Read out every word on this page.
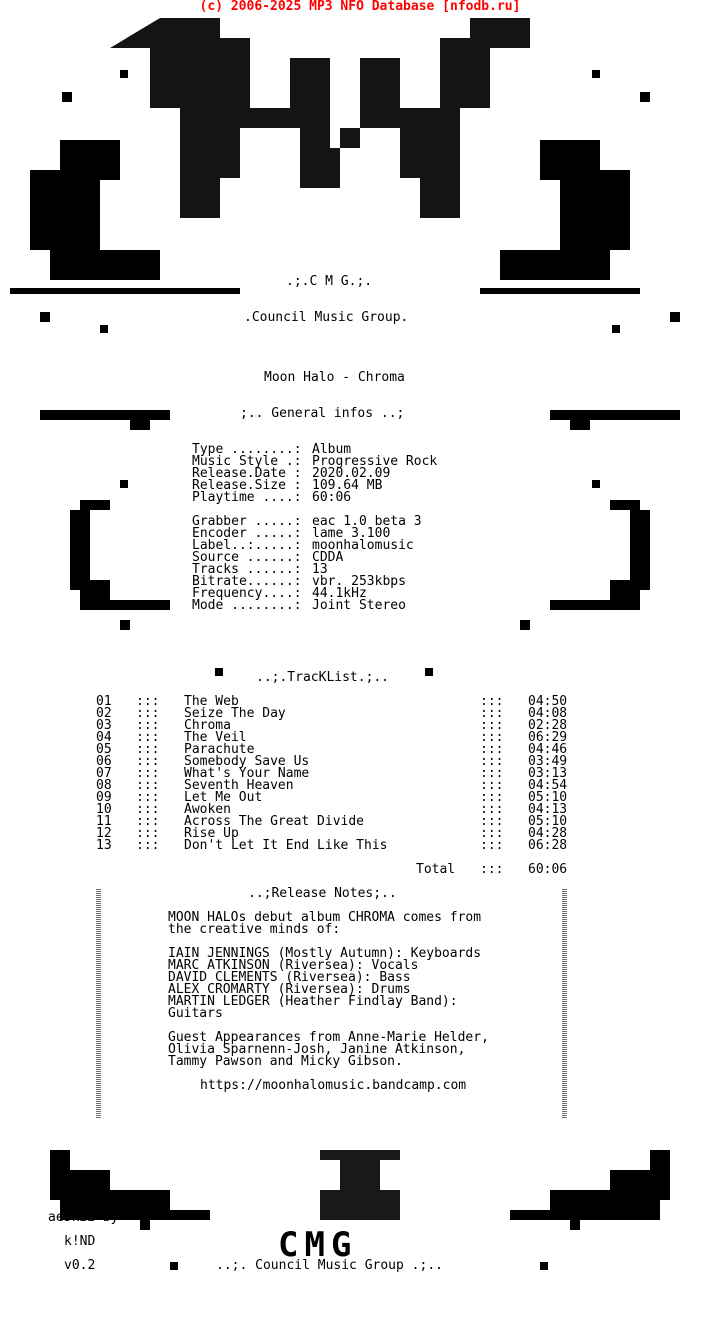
(c) 2006-2025 MP3 NFO Database [nfodb.ru]
.;.C M G.;.
.Council Music Group.
Moon Halo - Chroma
;.. General infos ..;
Type ........: Album
Music Style .: Progressive Rock
Release.Date : 2020.02.09
Release.Size : 109.64 MB
Playtime ....: 60:06
Grabber .....: eac 1.0 beta 3
Encoder .....: lame 3.100
Label..:.....: moonhalomusic
Source ......: CDDA
Tracks ......: 13
Bitrate......: vbr. 253kbps
Frequency....: 44.1kHz
Mode ........: Joint Stereo
..;.TracKList.;..
01 ::: The Web	::: 04:50
02 ::: Seize The Day	::: 04:08
03 ::: Chroma	::: 02:28
04 ::: The Veil	::: 06:29
05 ::: Parachute	::: 04:46
06 ::: Somebody Save Us	::: 03:49
07 ::: What's Your Name	::: 03:13
08 ::: Seventh Heaven	::: 04:54
09 ::: Let Me Out	::: 05:10
10 ::: Awoken	::: 04:13
11 ::: Across The Great Divide	::: 05:10
12 ::: Rise Up	::: 04:28
13 ::: Don't Let It End Like This	::: 06:28
Total ::: 60:06
..;Release Notes;..
MOON HALOs debut album CHROMA comes from
the creative minds of:
IAIN JENNINGS (Mostly Autumn): Keyboards
MARC ATKINSON (Riversea): Vocals
DAVID CLEMENTS (Riversea): Bass
ALEX CROMARTY (Riversea): Drums
MARTIN LEDGER (Heather Findlay Band):
Guitars
Guest Appearances from Anne-Marie Helder,
Olivia Sparnenn-Josh, Janine Atkinson,
Tammy Pawson and Micky Gibson.
https://moonhalomusic.bandcamp.com
CMG
aeskii by
k!ND
v0.2	..;. Council Music Group .;..
